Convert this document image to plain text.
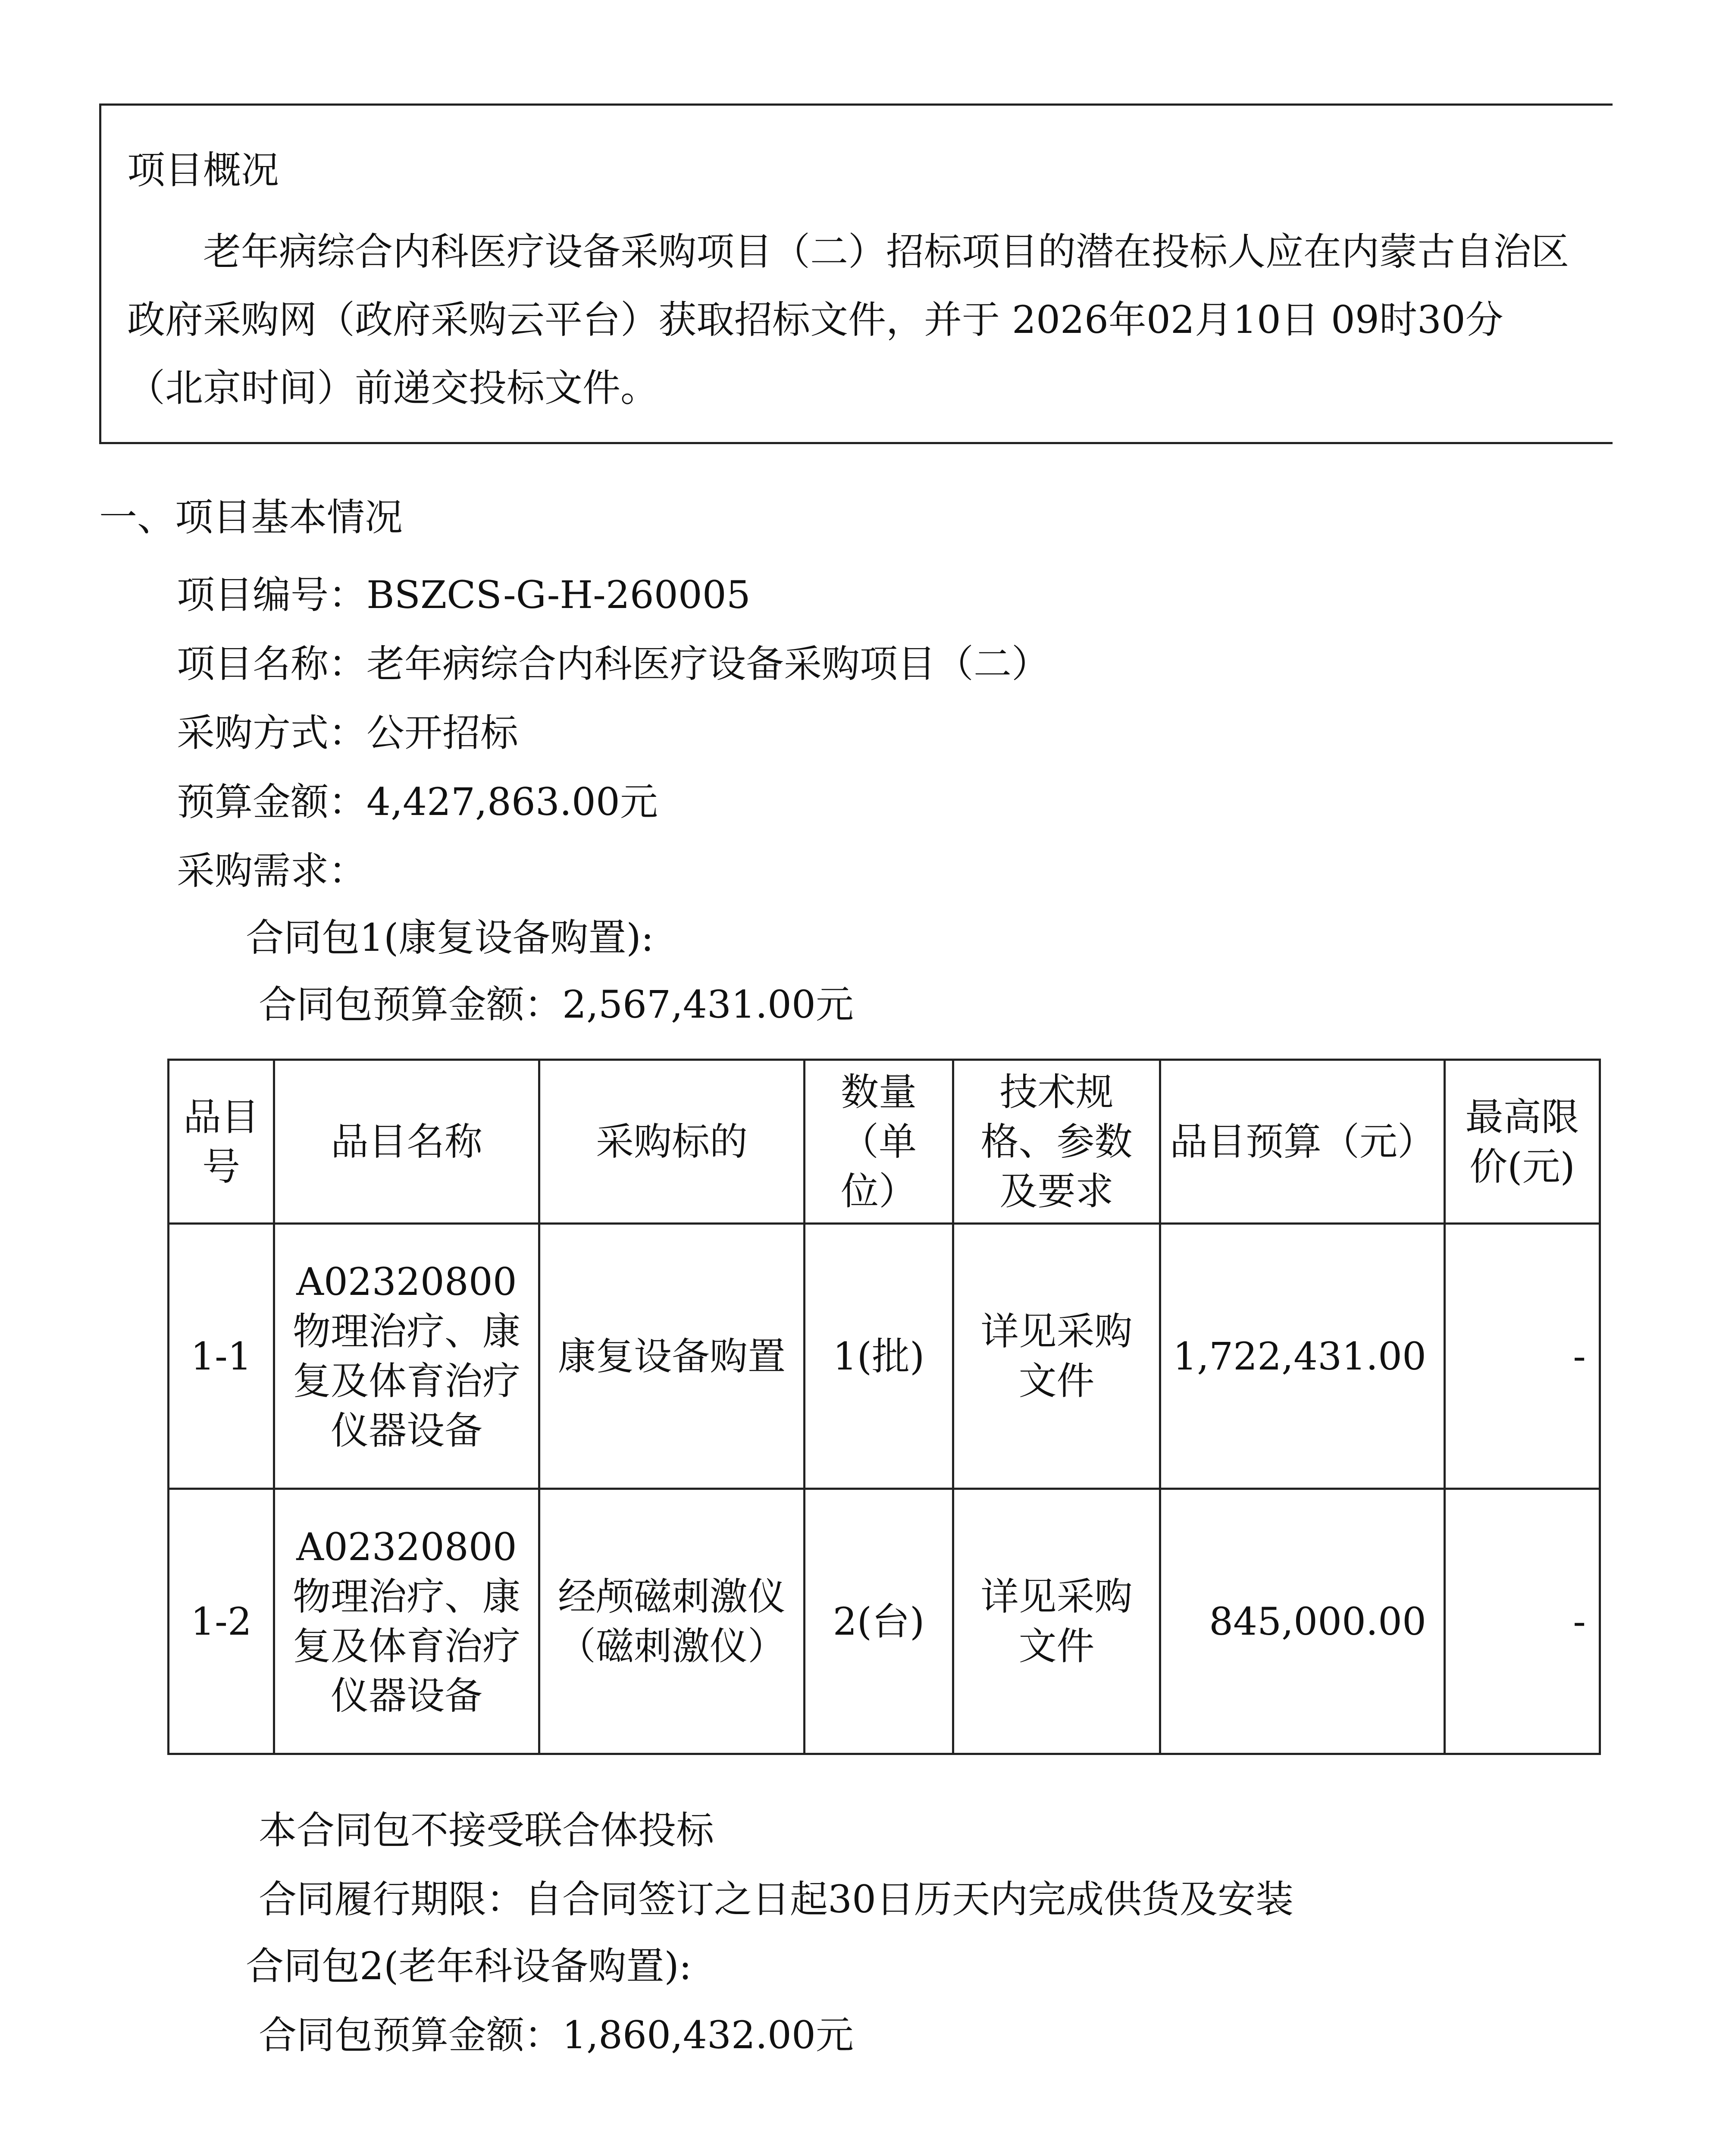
项目概况
老年病综合内科医疗设备采购项目（二）招标项目的潜在投标人应在内蒙古自治区政府采购网（政府采购云平台）获取招标文件，并于 2026年02月10日 09时30分 （北京时间）前递交投标文件。
一、项目基本情况
项目编号：BSZCS-G-H-260005
项目名称：老年病综合内科医疗设备采购项目（二）
采购方式：公开招标
预算金额：4,427,863.00元
采购需求：
合同包1(康复设备购置):
合同包预算金额：2,567,431.00元
品目号	品目名称	采购标的	数量（单位）	技术规格、参数及要求	品目预算（元）	最高限价(元)
1-1	A02320800物理治疗、康复及体育治疗仪器设备	康复设备购置	1(批)	详见采购文件	1,722,431.00	-
1-2	A02320800物理治疗、康复及体育治疗仪器设备	经颅磁刺激仪（磁刺激仪）	2(台)	详见采购文件	845,000.00	-
本合同包不接受联合体投标
合同履行期限：自合同签订之日起30日历天内完成供货及安装
合同包2(老年科设备购置):
合同包预算金额：1,860,432.00元
